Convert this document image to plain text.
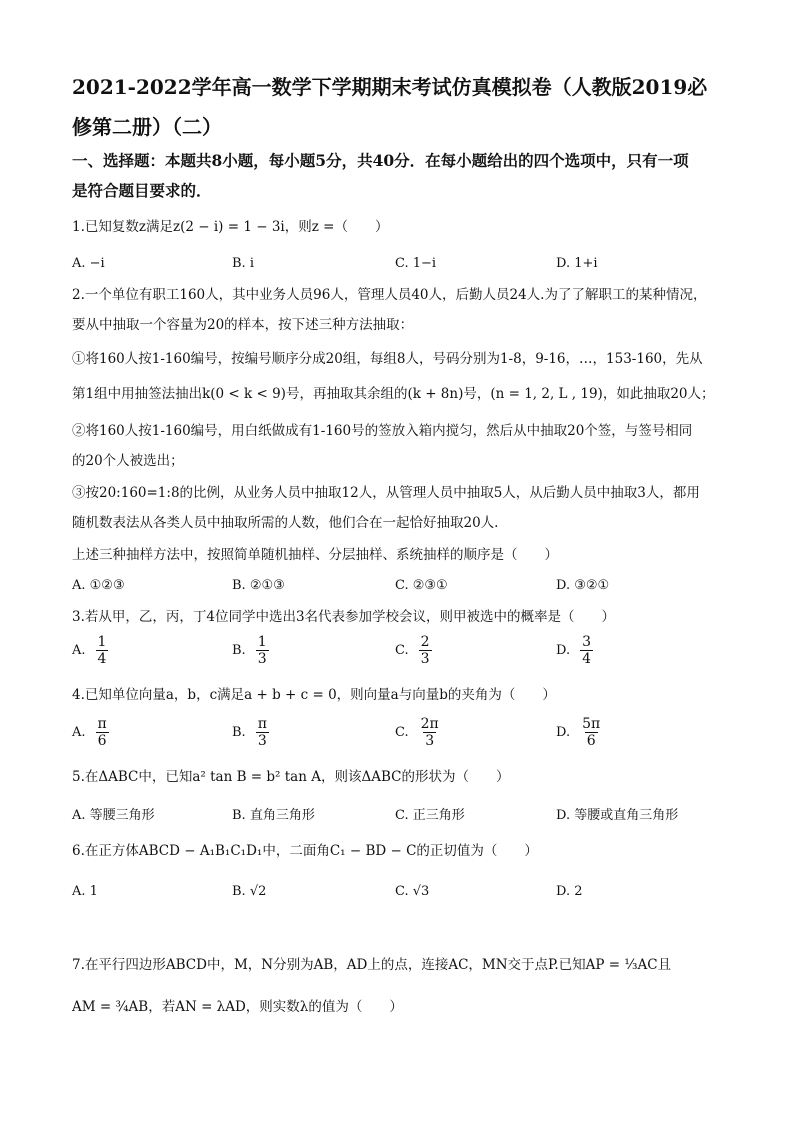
2021-2022学年高一数学下学期期末考试仿真模拟卷（人教版2019必
修第二册）（二）
一、选择题：本题共8小题，每小题5分，共40分．在每小题给出的四个选项中，只有一项
是符合题目要求的．
1.已知复数z满足z(2 − i) = 1 − 3i，则z =（　　）
A. −i	B. i	C. 1−i	D. 1+i
2.一个单位有职工160人，其中业务人员96人，管理人员40人，后勤人员24人.为了了解职工的某种情况，
要从中抽取一个容量为20的样本，按下述三种方法抽取：
①将160人按1-160编号，按编号顺序分成20组，每组8人，号码分别为1-8，9-16，…，153-160，先从
第1组中用抽签法抽出k(0 < k < 9)号，再抽取其余组的(k + 8n)号，(n = 1, 2, L , 19)，如此抽取20人；
②将160人按1-160编号，用白纸做成有1-160号的签放入箱内搅匀，然后从中抽取20个签，与签号相同
的20个人被选出；
③按20:160=1:8的比例，从业务人员中抽取12人，从管理人员中抽取5人，从后勤人员中抽取3人，都用
随机数表法从各类人员中抽取所需的人数，他们合在一起恰好抽取20人.
上述三种抽样方法中，按照简单随机抽样、分层抽样、系统抽样的顺序是（　　）
A. ①②③	B. ②①③	C. ②③①	D. ③②①
3.若从甲，乙，丙，丁4位同学中选出3名代表参加学校会议，则甲被选中的概率是（　　）
A. $\frac{1}{4}$	B. $\frac{1}{3}$	C. $\frac{2}{3}$	D. $\frac{3}{4}$
4.已知单位向量a，b，c满足a + b + c = 0，则向量a与向量b的夹角为（　　）
A. $\frac{\pi}{6}$	B. $\frac{\pi}{3}$	C. $\frac{2\pi}{3}$	D. $\frac{5\pi}{6}$
5.在ΔABC中，已知a² tan B = b² tan A，则该ΔABC的形状为（　　）
A. 等腰三角形	B. 直角三角形	C. 正三角形	D. 等腰或直角三角形
6.在正方体ABCD − A₁B₁C₁D₁中，二面角C₁ − BD − C的正切值为（　　）
A. 1	B. √2	C. √3	D. 2
7.在平行四边形ABCD中，M，N分别为AB，AD上的点，连接AC，MN交于点P.已知AP = ⅓AC且
AM = ¾AB，若AN = λAD，则实数λ的值为（　　）
